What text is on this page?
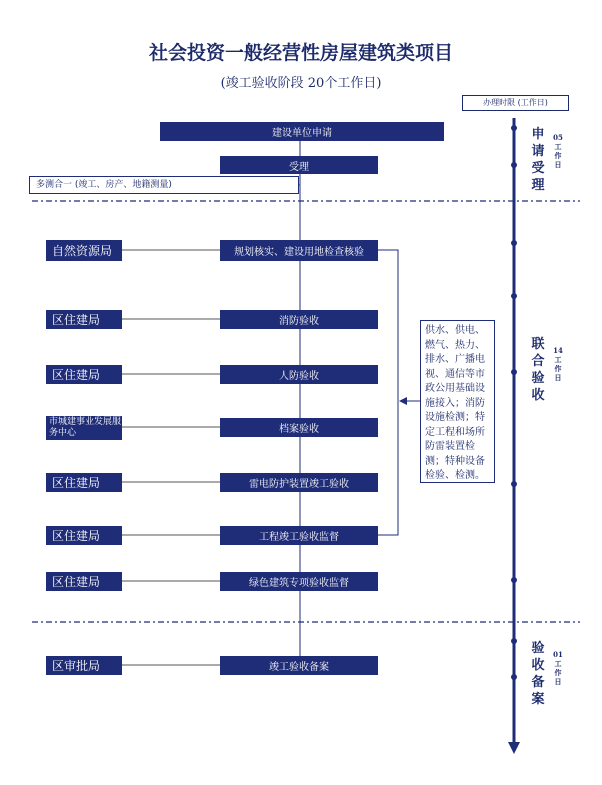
社会投资一般经营性房屋建筑类项目
(竣工验收阶段 20个工作日)
办理时限 (工作日)
建设单位申请
受理
多测合一 (竣工、房产、地籍测量)
规划核实、建设用地检查核验
消防验收
人防验收
档案验收
雷电防护装置竣工验收
工程竣工验收监督
绿色建筑专项验收监督
竣工验收备案
自然资源局
区住建局
区住建局
市城建事业发展服务中心
区住建局
区住建局
区住建局
区审批局
供水、供电、燃气、热力、排水、广播电视、通信等市政公用基础设施接入；消防设施检测；特定工程和场所防雷装置检测；特种设备检验、检测。
申请受理
05工作日
联合验收
14工作日
验收备案
01工作日
